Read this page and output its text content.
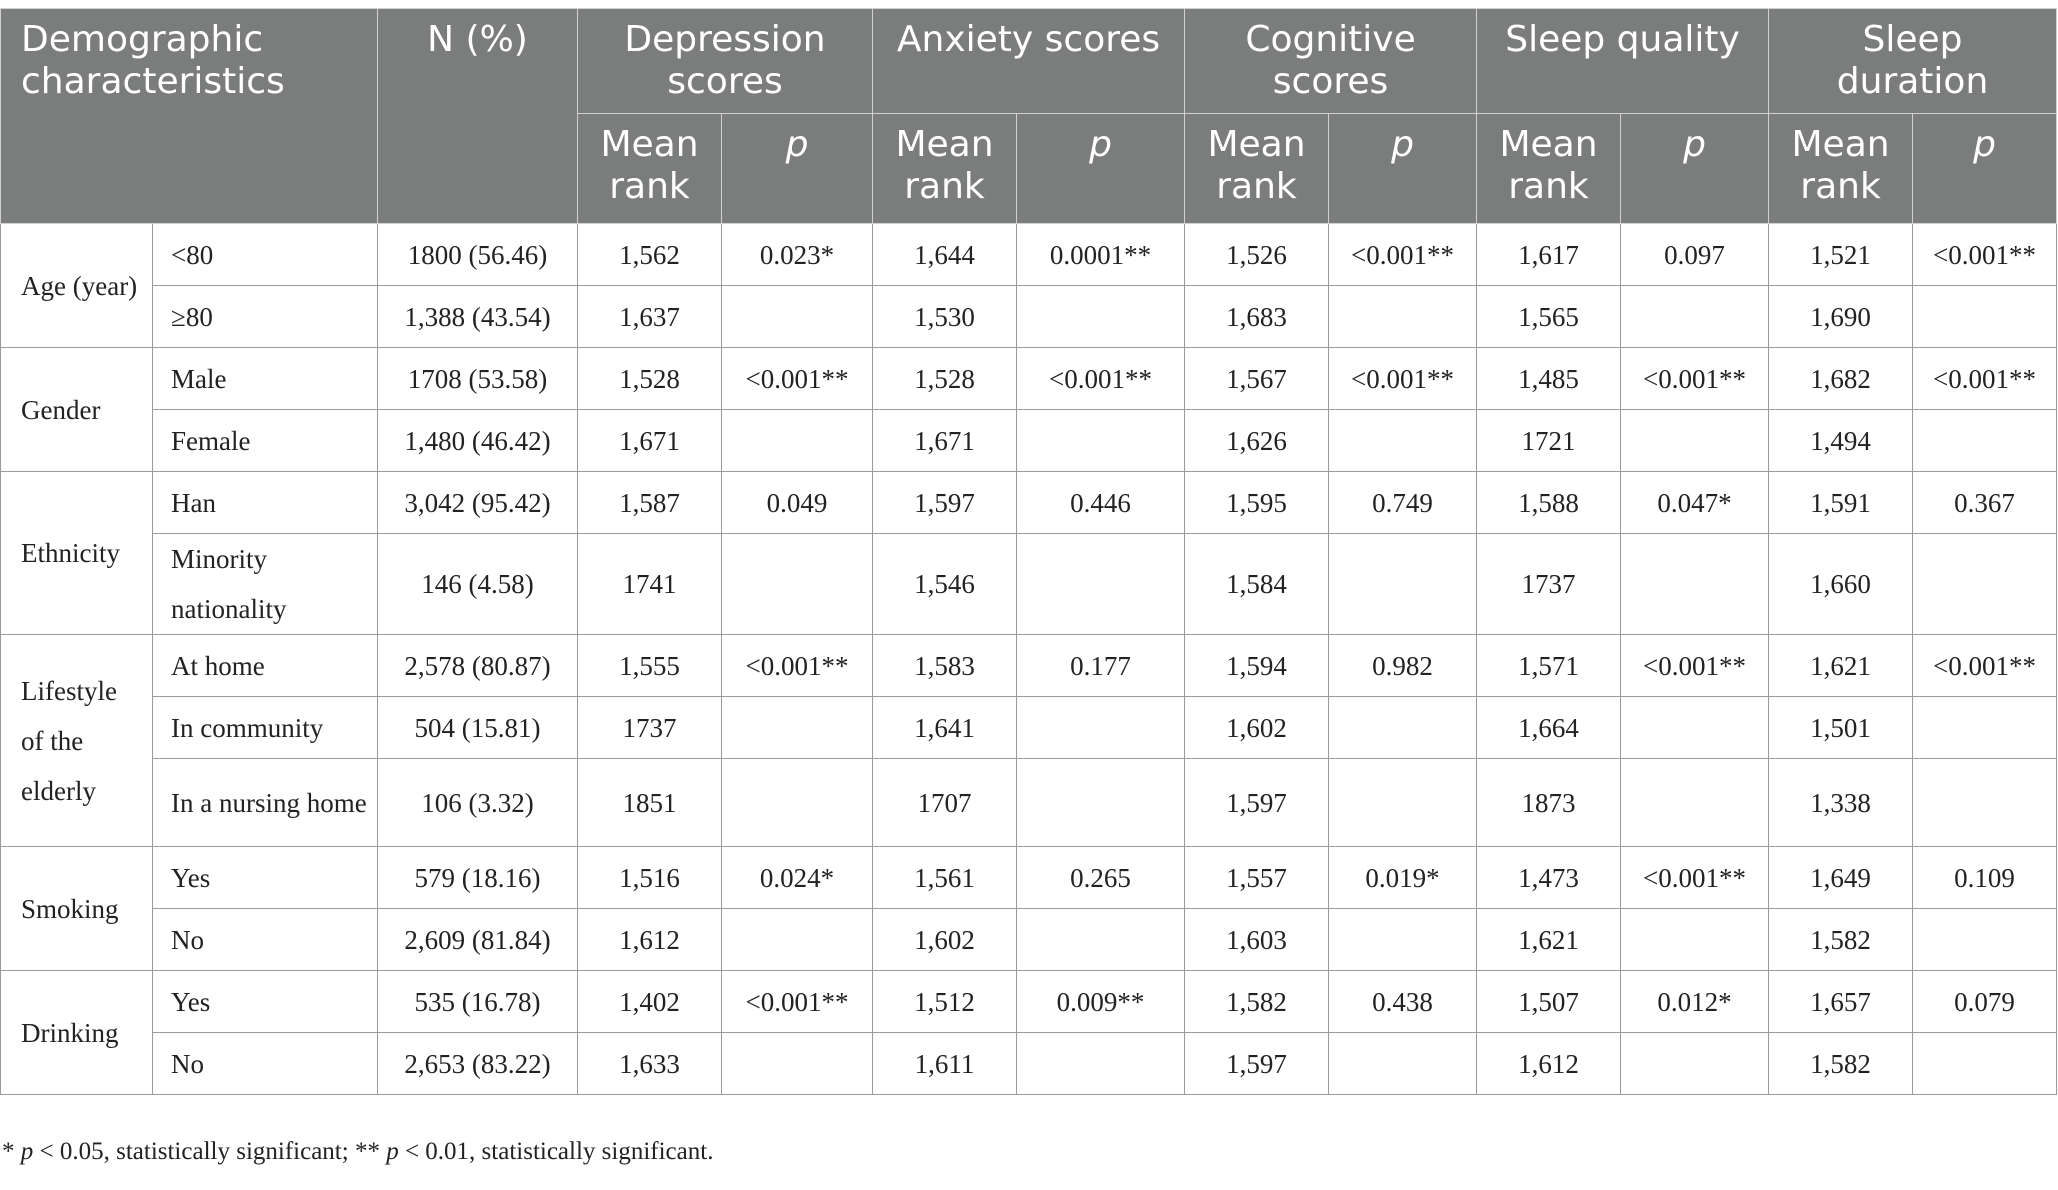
Demographic characteristics		N (%)	Depression scores		Anxiety scores		Cognitive scores		Sleep quality		Sleep duration	
			Mean rank	p	Mean rank	p	Mean rank	p	Mean rank	p	Mean rank	p
Age (year)	<80	1800 (56.46)	1,562	0.023*	1,644	0.0001**	1,526	<0.001**	1,617	0.097	1,521	<0.001**
	≥80	1,388 (43.54)	1,637		1,530		1,683		1,565		1,690	
Gender	Male	1708 (53.58)	1,528	<0.001**	1,528	<0.001**	1,567	<0.001**	1,485	<0.001**	1,682	<0.001**
	Female	1,480 (46.42)	1,671		1,671		1,626		1721		1,494	
Ethnicity	Han	3,042 (95.42)	1,587	0.049	1,597	0.446	1,595	0.749	1,588	0.047*	1,591	0.367
	Minority nationality	146 (4.58)	1741		1,546		1,584		1737		1,660	
Lifestyle of the elderly	At home	2,578 (80.87)	1,555	<0.001**	1,583	0.177	1,594	0.982	1,571	<0.001**	1,621	<0.001**
	In community	504 (15.81)	1737		1,641		1,602		1,664		1,501	
	In a nursing home	106 (3.32)	1851		1707		1,597		1873		1,338	
Smoking	Yes	579 (18.16)	1,516	0.024*	1,561	0.265	1,557	0.019*	1,473	<0.001**	1,649	0.109
	No	2,609 (81.84)	1,612		1,602		1,603		1,621		1,582	
Drinking	Yes	535 (16.78)	1,402	<0.001**	1,512	0.009**	1,582	0.438	1,507	0.012*	1,657	0.079
	No	2,653 (83.22)	1,633		1,611		1,597		1,612		1,582	
* p < 0.05, statistically significant; ** p < 0.01, statistically significant.
